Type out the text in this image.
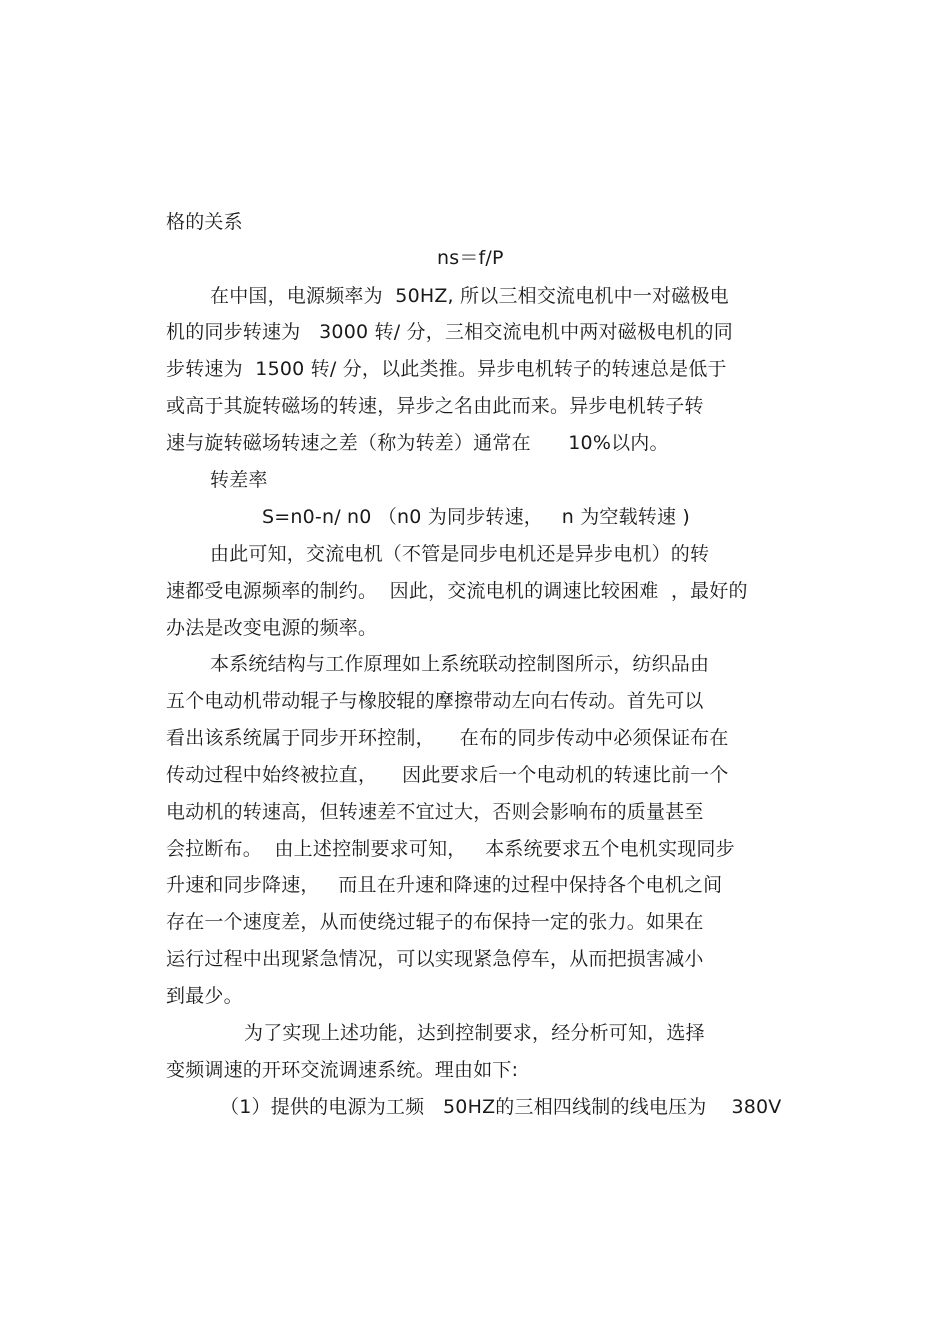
格的关系
ns＝f/P
在中国，电源频率为  50HZ, 所以三相交流电机中一对磁极电
机的同步转速为   3000 转/ 分，三相交流电机中两对磁极电机的同
步转速为  1500 转/ 分，以此类推。异步电机转子的转速总是低于
或高于其旋转磁场的转速，异步之名由此而来。异步电机转子转
速与旋转磁场转速之差（称为转差）通常在      10%以内。
转差率
S=n0-n/ n0 （n0 为同步转速，   n 为空载转速 )
由此可知，交流电机（不管是同步电机还是异步电机）的转
速都受电源频率的制约。  因此，交流电机的调速比较困难  ，最好的
办法是改变电源的频率。
本系统结构与工作原理如上系统联动控制图所示，纺织品由
五个电动机带动辊子与橡胶辊的摩擦带动左向右传动。首先可以
看出该系统属于同步开环控制，    在布的同步传动中必须保证布在
传动过程中始终被拉直，    因此要求后一个电动机的转速比前一个
电动机的转速高，但转速差不宜过大，否则会影响布的质量甚至
会拉断布。  由上述控制要求可知，   本系统要求五个电机实现同步
升速和同步降速，   而且在升速和降速的过程中保持各个电机之间
存在一个速度差，从而使绕过辊子的布保持一定的张力。如果在
运行过程中出现紧急情况，可以实现紧急停车，从而把损害减小
到最少。
为了实现上述功能，达到控制要求，经分析可知，选择
变频调速的开环交流调速系统。理由如下:
（1）提供的电源为工频   50HZ的三相四线制的线电压为    380V
